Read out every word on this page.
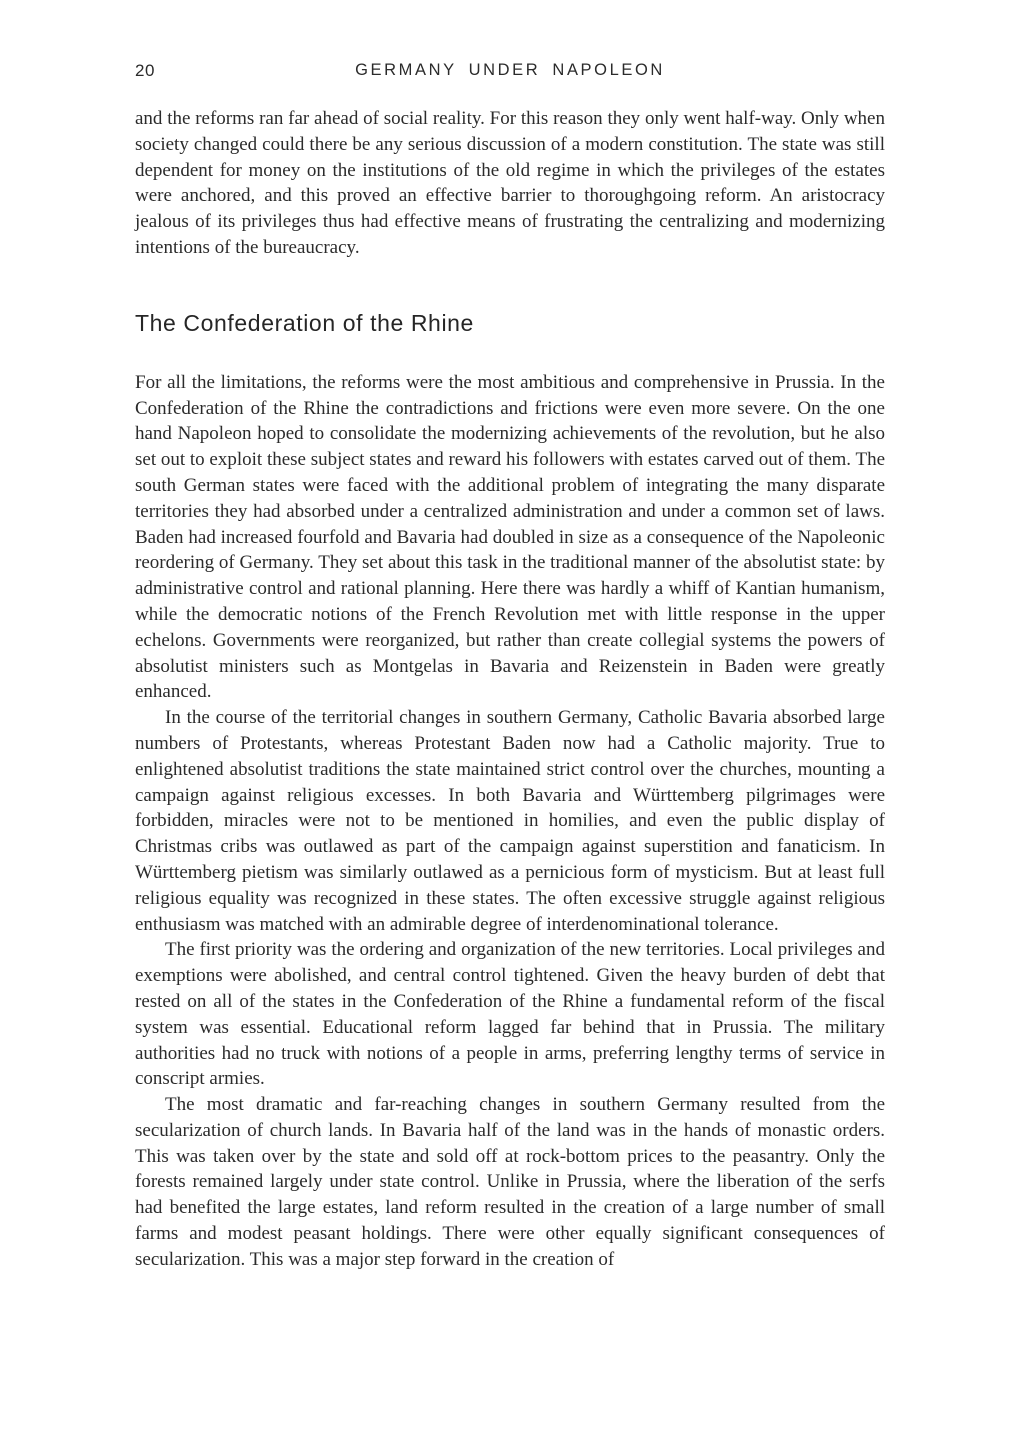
20	GERMANY UNDER NAPOLEON

and the reforms ran far ahead of social reality. For this reason they only went half-way. Only when society changed could there be any serious discussion of a modern constitution. The state was still dependent for money on the institutions of the old regime in which the privileges of the estates were anchored, and this proved an effective barrier to thoroughgoing reform. An aristocracy jealous of its privileges thus had effective means of frustrating the centralizing and modernizing intentions of the bureaucracy.

The Confederation of the Rhine

For all the limitations, the reforms were the most ambitious and comprehensive in Prussia. In the Confederation of the Rhine the contradictions and frictions were even more severe. On the one hand Napoleon hoped to consolidate the modernizing achievements of the revolution, but he also set out to exploit these subject states and reward his followers with estates carved out of them. The south German states were faced with the additional problem of integrating the many disparate territories they had absorbed under a centralized administration and under a common set of laws. Baden had increased fourfold and Bavaria had doubled in size as a consequence of the Napoleonic reordering of Germany. They set about this task in the traditional manner of the absolutist state: by administrative control and rational planning. Here there was hardly a whiff of Kantian humanism, while the democratic notions of the French Revolution met with little response in the upper echelons. Governments were reorganized, but rather than create collegial systems the powers of absolutist ministers such as Montgelas in Bavaria and Reizenstein in Baden were greatly enhanced.

In the course of the territorial changes in southern Germany, Catholic Bavaria absorbed large numbers of Protestants, whereas Protestant Baden now had a Catholic majority. True to enlightened absolutist traditions the state maintained strict control over the churches, mounting a campaign against religious excesses. In both Bavaria and Württemberg pilgrimages were forbidden, miracles were not to be mentioned in homilies, and even the public display of Christmas cribs was outlawed as part of the campaign against superstition and fanaticism. In Württemberg pietism was similarly outlawed as a pernicious form of mysticism. But at least full religious equality was recognized in these states. The often excessive struggle against religious enthusiasm was matched with an admirable degree of interdenominational tolerance.

The first priority was the ordering and organization of the new territories. Local privileges and exemptions were abolished, and central control tightened. Given the heavy burden of debt that rested on all of the states in the Confederation of the Rhine a fundamental reform of the fiscal system was essential. Educational reform lagged far behind that in Prussia. The military authorities had no truck with notions of a people in arms, preferring lengthy terms of service in conscript armies.

The most dramatic and far-reaching changes in southern Germany resulted from the secularization of church lands. In Bavaria half of the land was in the hands of monastic orders. This was taken over by the state and sold off at rock-bottom prices to the peasantry. Only the forests remained largely under state control. Unlike in Prussia, where the liberation of the serfs had benefited the large estates, land reform resulted in the creation of a large number of small farms and modest peasant holdings. There were other equally significant consequences of secularization. This was a major step forward in the creation of
